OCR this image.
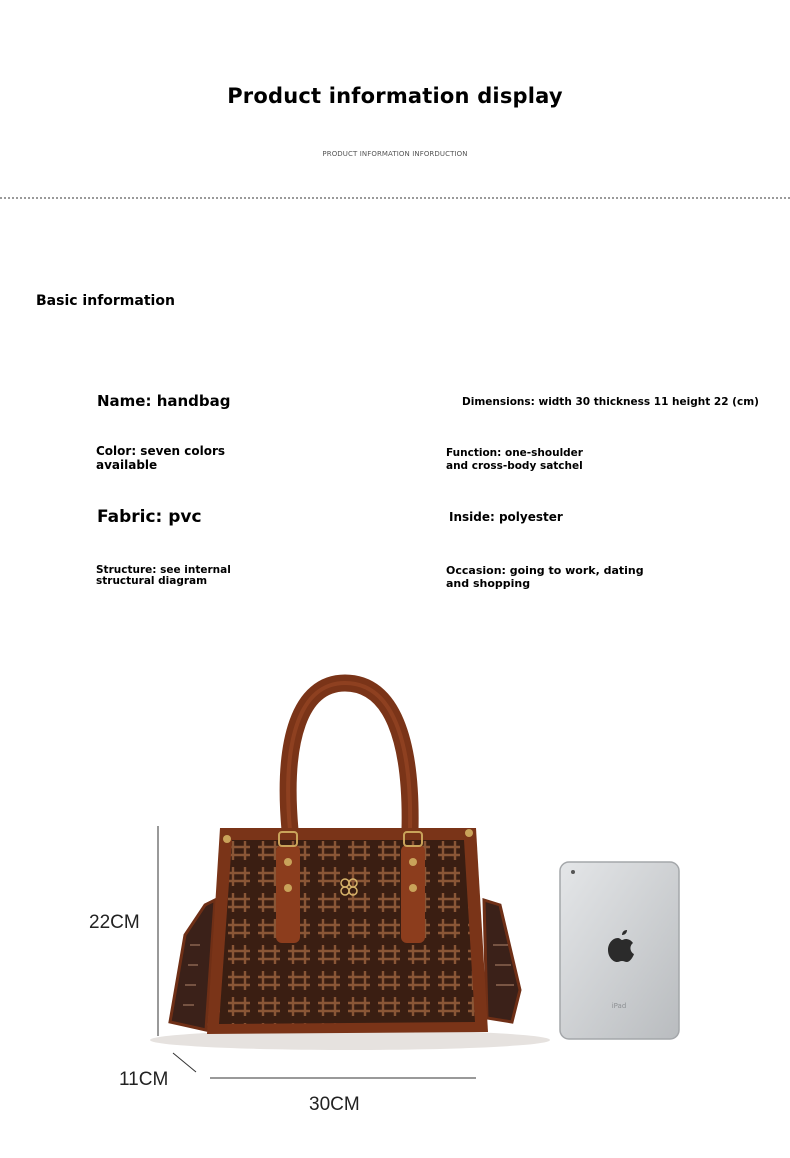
Product information display
PRODUCT INFORMATION INFORDUCTION
Basic information
Name: handbag	Dimensions: width 30 thickness 11 height 22 (cm)
Color: seven colors available
Function: one-shoulder and cross-body satchel
Fabric: pvc	Inside: polyester
Structure: see internal structural diagram
Occasion: going to work, dating and shopping
iPad
22CM
11CM
30CM
